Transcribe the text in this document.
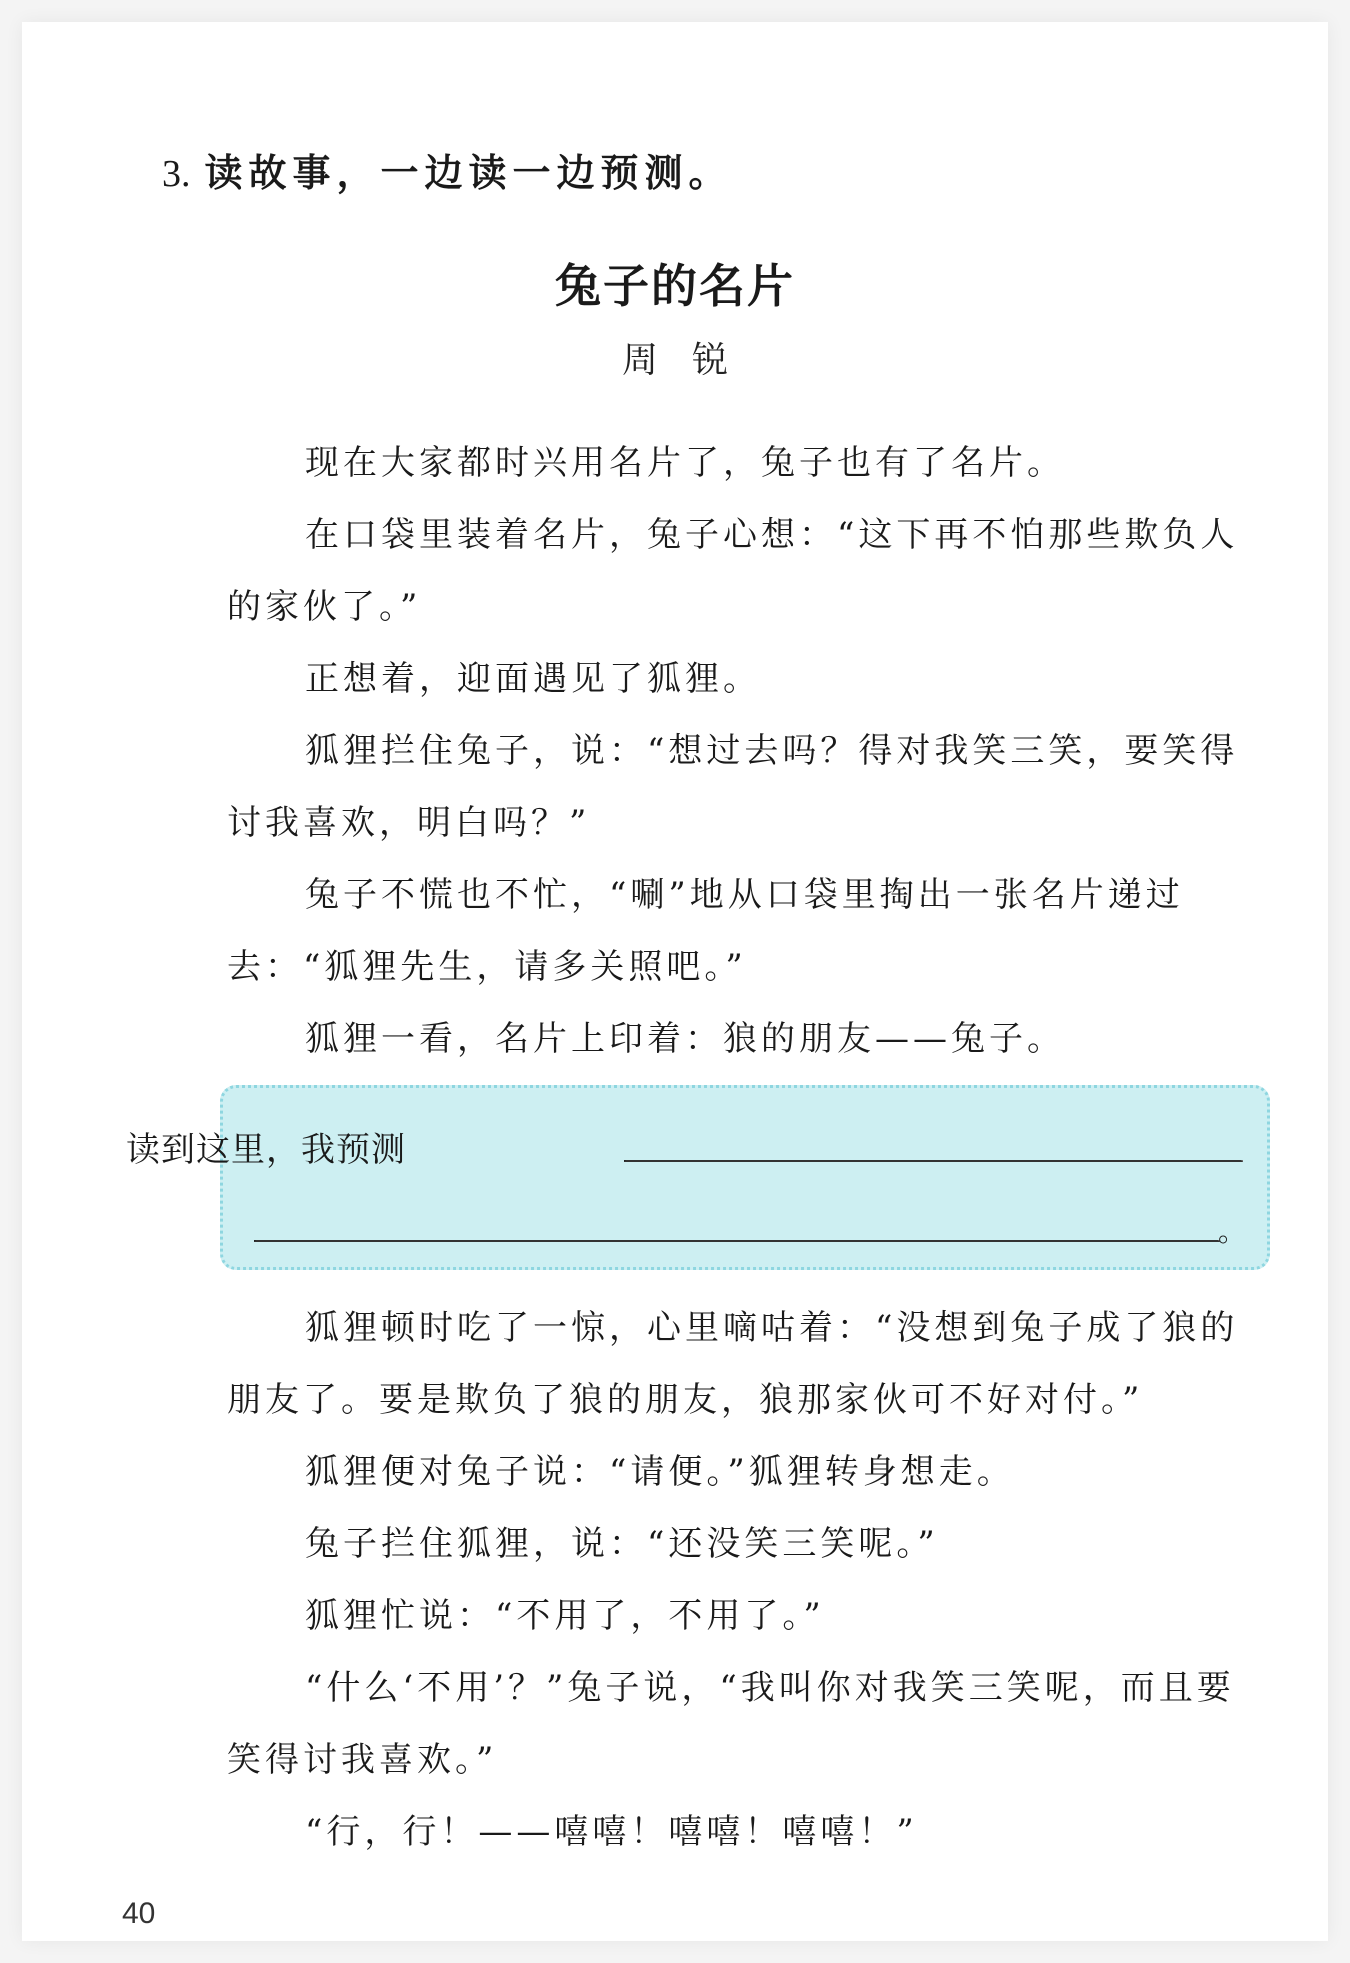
3. 读故事，一边读一边预测。
兔子的名片
周锐

现在大家都时兴用名片了，兔子也有了名片。

在口袋里装着名片，兔子心想：“这下再不怕那些欺负人的家伙了。”

正想着，迎面遇见了狐狸。

狐狸拦住兔子，说：“想过去吗？得对我笑三笑，要笑得讨我喜欢，明白吗？”

兔子不慌也不忙，“唰”地从口袋里掏出一张名片递过去：“狐狸先生，请多关照吧。”

狐狸一看，名片上印着：狼的朋友——兔子。

读到这里，我预测
。

狐狸顿时吃了一惊，心里嘀咕着：“没想到兔子成了狼的朋友了。要是欺负了狼的朋友，狼那家伙可不好对付。”

狐狸便对兔子说：“请便。”狐狸转身想走。

兔子拦住狐狸，说：“还没笑三笑呢。”

狐狸忙说：“不用了，不用了。”

“什么‘不用’？”兔子说，“我叫你对我笑三笑呢，而且要笑得讨我喜欢。”

“行，行！——嘻嘻！嘻嘻！嘻嘻！”

40
